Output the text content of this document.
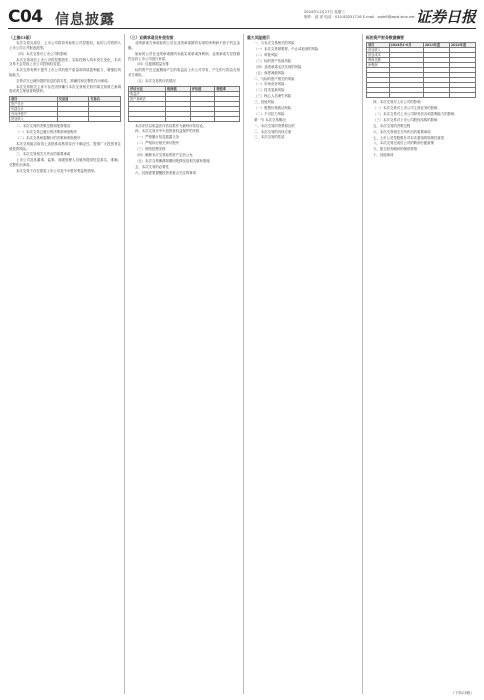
C04 信息披露	2024年11月27日 星期三
制作：邱 泽 电话：010-83251716 E-mail：zqrb9@zqrb.sina.net 证券日报
（上接C3版）

本次交易完成后，上市公司将持有标的公司控股权，标的公司将纳入上市公司合并报表范围。

（四）本次交易对上市公司的影响

本次交易前后上市公司的控股股东、实际控制人均未发生变化，本次交易不会导致上市公司控制权变更。

本次交易有利于提升上市公司的资产质量和持续盈利能力，增强抗风险能力。

交易对方已就所提供信息的真实性、准确性和完整性作出承诺。

本次交易相关主体不存在因涉嫌与本次交易相关的内幕交易被立案调查或者立案侦查的情形。

项目	交易前	交易后
资产总计		
负债合计		
归母净资产		
营业收入		

二、本次交易的决策过程和批准情况

（一）本次交易已履行的决策和审批程序

（二）本次交易尚需履行的决策和审批程序

本次交易能否取得上述批准或核准存在不确定性，提请广大投资者注意投资风险。

三、本次交易相关方作出的重要承诺

上市公司及其董事、监事、高级管理人员就所提供信息真实、准确、完整作出承诺。

本次交易不存在损害上市公司及中小股东利益的情形。

（三）业绩承诺及补偿安排

业绩承诺方承诺标的公司在业绩承诺期内实现的净利润不低于约定金额。

如标的公司在业绩承诺期内未能实现承诺净利润，业绩承诺方应按照约定向上市公司进行补偿。

（四）过渡期损益安排

标的资产在过渡期间产生的收益由上市公司享有，产生的亏损由交易对方承担。

（五）本次交易的评估情况

评估方法	账面值	评估值	增值率
收益法			
资产基础法			

本次评估以收益法评估结果作为最终评估结论。

四、本次交易对中小投资者权益保护的安排

（一）严格履行信息披露义务

（二）严格执行相关审议程序

（三）网络投票安排

（四）确保本次交易标的资产定价公允

（五）本次交易摊薄即期回报情况及相关填补措施

五、本次交易的必要性

六、其他需要提醒投资者重点关注的事项

重大风险提示

一、与本次交易相关的风险

（一）本次交易被暂停、中止或取消的风险

（二）审批风险

（三）标的资产估值风险

（四）业绩承诺无法实现的风险

（五）商誉减值风险

二、与标的资产相关的风险

（一）市场竞争风险

（二）技术更新风险

（三）核心人员流失风险

三、其他风险

（一）股票价格波动风险

（二）不可抗力风险

第一节 本次交易概况

一、本次交易的背景和目的

二、本次交易的具体方案

三、本次交易的性质

标的资产财务数据摘要
项目	2024年1-6月	2023年度	2022年度
营业收入			
营业成本			
利润总额			
净利润			

四、本次交易对上市公司的影响

（一）本次交易对上市公司主营业务的影响

（二）本次交易对上市公司财务状况和盈利能力的影响

（三）本次交易对上市公司股权结构的影响

五、本次交易的决策过程

六、本次交易相关方所作出的重要承诺

七、上市公司控股股东对本次重组的原则性意见

八、本次交易完成后公司的利润分配政策

九、独立财务顾问的保荐资格

十、其他事项

（下转C5版）
